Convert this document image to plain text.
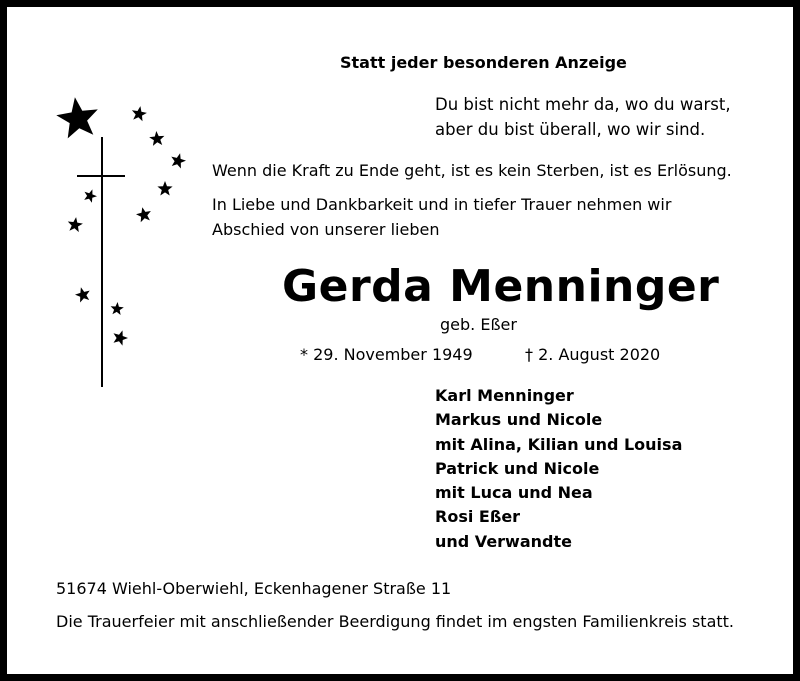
Statt jeder besonderen Anzeige
Du bist nicht mehr da, wo du warst,
aber du bist überall, wo wir sind.
Wenn die Kraft zu Ende geht, ist es kein Sterben, ist es Erlösung.
In Liebe und Dankbarkeit und in tiefer Trauer nehmen wir
Abschied von unserer lieben
Gerda Menninger
geb. Eßer
* 29. November 1949	† 2. August 2020
Karl Menninger
Markus und Nicole
mit Alina, Kilian und Louisa
Patrick und Nicole
mit Luca und Nea
Rosi Eßer
und Verwandte
51674 Wiehl-Oberwiehl, Eckenhagener Straße 11
Die Trauerfeier mit anschließender Beerdigung findet im engsten Familienkreis statt.
